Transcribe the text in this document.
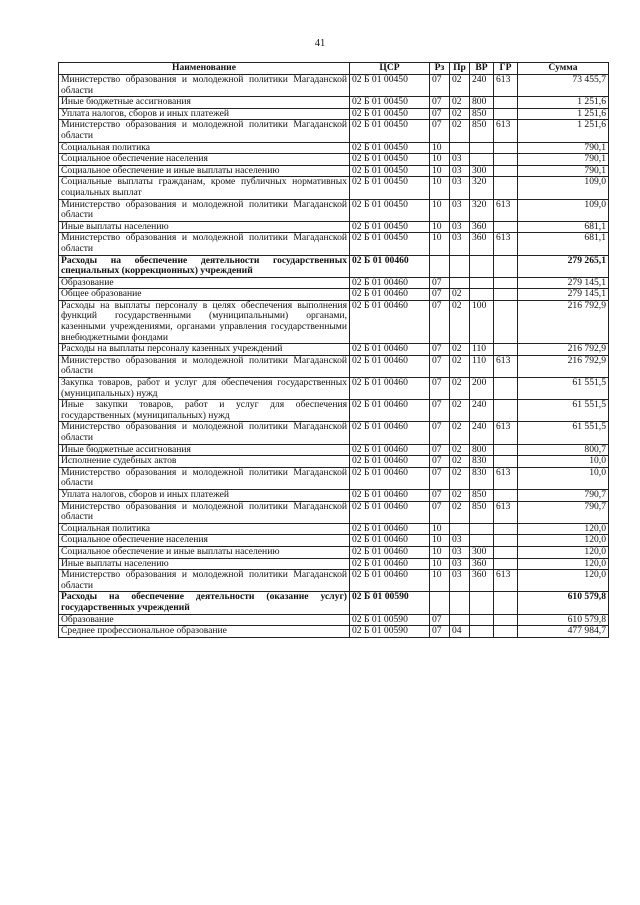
41
Наименование	ЦСР	Рз	Пр	ВР	ГР	Сумма
Министерство образования и молодежной политики Магаданской области	02 Б 01 00450	07	02	240	613	73 455,7
Иные бюджетные ассигнования	02 Б 01 00450	07	02	800		1 251,6
Уплата налогов, сборов и иных платежей	02 Б 01 00450	07	02	850		1 251,6
Министерство образования и молодежной политики Магаданской области	02 Б 01 00450	07	02	850	613	1 251,6
Социальная политика	02 Б 01 00450	10				790,1
Социальное обеспечение населения	02 Б 01 00450	10	03			790,1
Социальное обеспечение и иные выплаты населению	02 Б 01 00450	10	03	300		790,1
Социальные выплаты гражданам, кроме публичных нормативных социальных выплат	02 Б 01 00450	10	03	320		109,0
Министерство образования и молодежной политики Магаданской области	02 Б 01 00450	10	03	320	613	109,0
Иные выплаты населению	02 Б 01 00450	10	03	360		681,1
Министерство образования и молодежной политики Магаданской области	02 Б 01 00450	10	03	360	613	681,1
Расходы на обеспечение деятельности государственных специальных (коррекционных) учреждений	02 Б 01 00460					279 265,1
Образование	02 Б 01 00460	07				279 145,1
Общее образование	02 Б 01 00460	07	02			279 145,1
Расходы на выплаты персоналу в целях обеспечения выполнения функций государственными (муниципальными) органами, казенными учреждениями, органами управления государственными внебюджетными фондами	02 Б 01 00460	07	02	100		216 792,9
Расходы на выплаты персоналу казенных учреждений	02 Б 01 00460	07	02	110		216 792,9
Министерство образования и молодежной политики Магаданской области	02 Б 01 00460	07	02	110	613	216 792,9
Закупка товаров, работ и услуг для обеспечения государственных (муниципальных) нужд	02 Б 01 00460	07	02	200		61 551,5
Иные закупки товаров, работ и услуг для обеспечения государственных (муниципальных) нужд	02 Б 01 00460	07	02	240		61 551,5
Министерство образования и молодежной политики Магаданской области	02 Б 01 00460	07	02	240	613	61 551,5
Иные бюджетные ассигнования	02 Б 01 00460	07	02	800		800,7
Исполнение судебных актов	02 Б 01 00460	07	02	830		10,0
Министерство образования и молодежной политики Магаданской области	02 Б 01 00460	07	02	830	613	10,0
Уплата налогов, сборов и иных платежей	02 Б 01 00460	07	02	850		790,7
Министерство образования и молодежной политики Магаданской области	02 Б 01 00460	07	02	850	613	790,7
Социальная политика	02 Б 01 00460	10				120,0
Социальное обеспечение населения	02 Б 01 00460	10	03			120,0
Социальное обеспечение и иные выплаты населению	02 Б 01 00460	10	03	300		120,0
Иные выплаты населению	02 Б 01 00460	10	03	360		120,0
Министерство образования и молодежной политики Магаданской области	02 Б 01 00460	10	03	360	613	120,0
Расходы на обеспечение деятельности (оказание услуг) государственных учреждений	02 Б 01 00590					610 579,8
Образование	02 Б 01 00590	07				610 579,8
Среднее профессиональное образование	02 Б 01 00590	07	04			477 984,7
